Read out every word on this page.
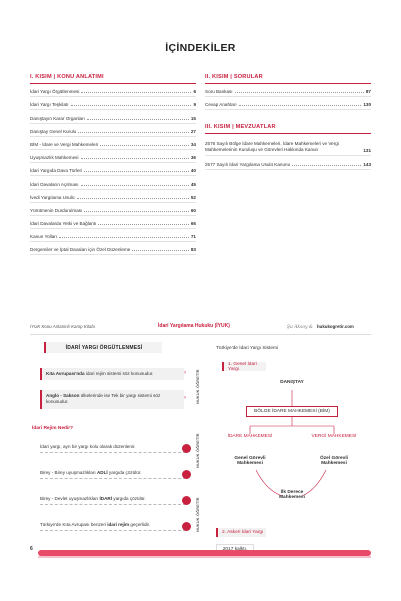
İÇİNDEKİLER
I. KISIM | KONU ANLATIMI
İdari Yargı Örgütlenmesi	6
İdari Yargı Teşkilatı	9
Danıştayın Karar Organları	15
Danıştay Genel Kurulu	27
BİM - İdare ve Vergi Mahkemeleri	34
Uyuşmazlık Mahkemesi	36
İdari Yargıda Dava Türleri	40
İdari Davaların Açılması	45
İvedi Yargılama Usulü	52
Yürütmenin Durdurulması	60
İdari Davalarda Yetki ve Bağlantı	65
Kanun Yolları	71
Dergemiler ve İptal Davaları için Özel Düzenleme	83
II. KISIM | SORULAR
Soru Bankası	87
Cevap Anahtarı	130
III. KISIM | MEVZUATLAR
2576 Sayılı Bölge İdare Mahkemeleri, İdare Mahkemeleri ve Vergi Mahkemelerinin Kuruluşu ve Görevleri Hakkında Kanun	131
2577 Sayılı İdari Yargılama Usulü Kanunu	143
İYUK Konu Anlatımlı Kamp Kitabı	İdari Yargılama Hukuku (İYUK)	Şu Aksoy & hukukogretir.com
İDARİ YARGI ÖRGÜTLENMESİ
Kıta Avrupası'nda idari rejim sistemi söz konusudur.	›
Anglo - Sakson ülkelerinde ise Tek bir yargı sistemi söz konusudur.
›
İdari Rejim Nedir?
İdari yargı, ayrı bir yargı kolu olarak düzenlenir.
Birey - Birey uyuşmazlıkları ADLİ yargıda çözülür.
Birey - Devlet uyuşmazlıkları İDARİ yargıda çözülür.
Türkiye'de Kıta Avrupası benzeri idari rejim geçerlidir.
HUKUK ÖĞRETİR
HUKUK ÖĞRETİR
HUKUK ÖĞRETİR
Türkiye'de İdari Yargı Sistemi
1. Genel İdari Yargı
DANIŞTAY
BÖLGE İDARE MAHKEMESİ (BİM)
İDARE MAHKEMESİ	VERGİ MAHKEMESİ
Genel Görevli
Mahkemesi
Özel Görevli
Mahkemesi
İlk Derece
Mahkemesi
2. Askeri İdari Yargı
6
